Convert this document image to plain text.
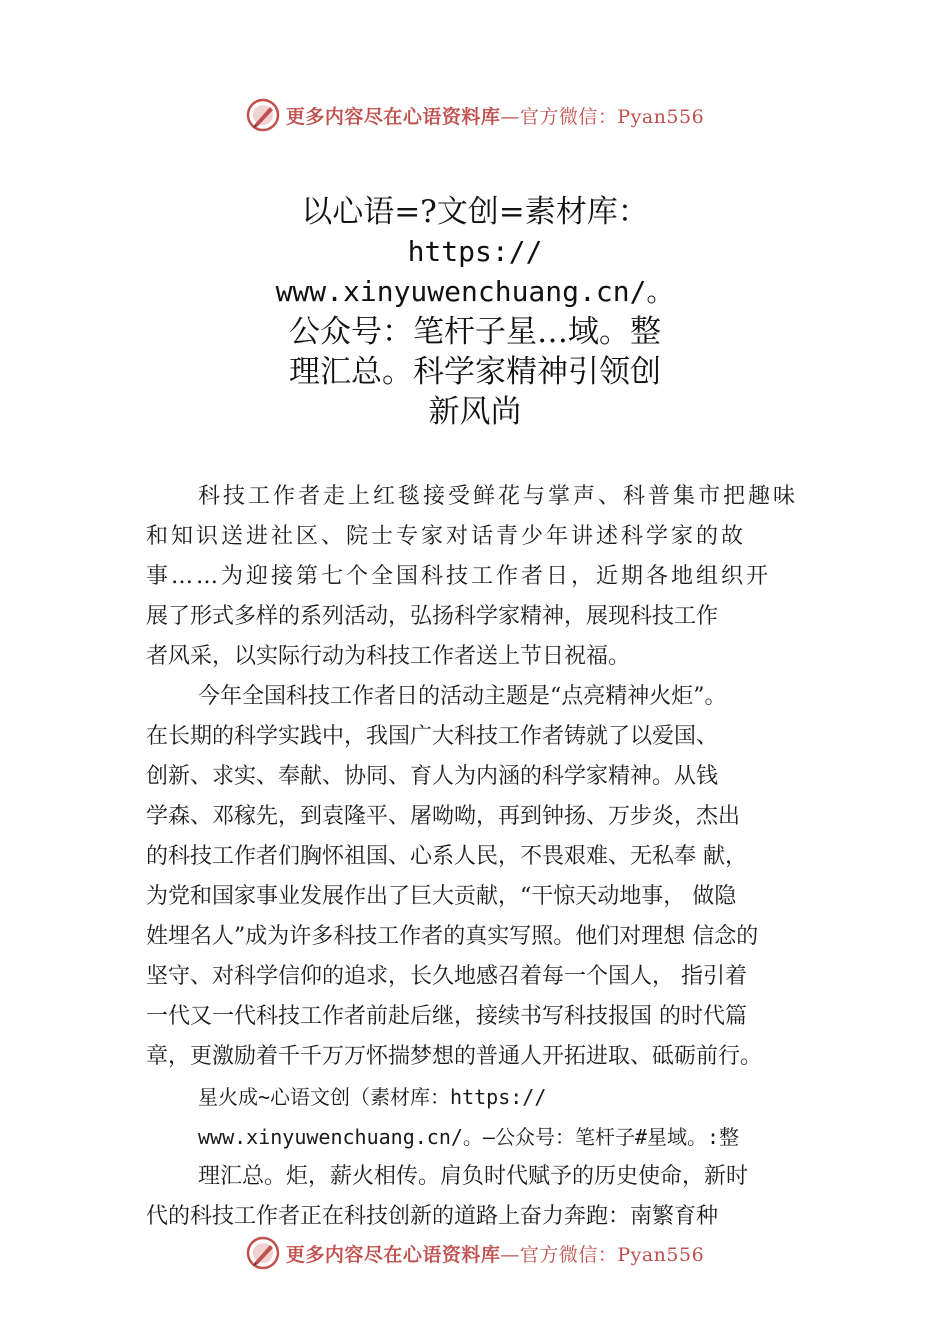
更多内容尽在心语资料库—官方微信：Pyan556
以心语=?文创=素材库：
https://
www.xinyuwenchuang.cn/。
公众号：笔杆子星…域。整
理汇总。科学家精神引领创
新风尚
科技工作者走上红毯接受鲜花与掌声、科普集市把趣味
和知识送进社区、院士专家对话青少年讲述科学家的故
事……为迎接第七个全国科技工作者日，近期各地组织开
展了形式多样的系列活动，弘扬科学家精神，展现科技工作
者风采，以实际行动为科技工作者送上节日祝福。
今年全国科技工作者日的活动主题是“点亮精神火炬”。
在长期的科学实践中，我国广大科技工作者铸就了以爱国、
创新、求实、奉献、协同、育人为内涵的科学家精神。从钱
学森、邓稼先，到袁隆平、屠呦呦，再到钟扬、万步炎，杰出
的科技工作者们胸怀祖国、心系人民，不畏艰难、无私奉 献，
为党和国家事业发展作出了巨大贡献，“干惊天动地事， 做隐
姓埋名人”成为许多科技工作者的真实写照。他们对理想 信念的
坚守、对科学信仰的追求，长久地感召着每一个国人， 指引着
一代又一代科技工作者前赴后继，接续书写科技报国 的时代篇
章，更激励着千千万万怀揣梦想的普通人开拓进取、砥砺前行。
星火成~心语文创（素材库：https://
www.xinyuwenchuang.cn/。—公众号：笔杆子#星域。:整
理汇总。炬，薪火相传。肩负时代赋予的历史使命，新时
代的科技工作者正在科技创新的道路上奋力奔跑：南繁育种
更多内容尽在心语资料库—官方微信：Pyan556
